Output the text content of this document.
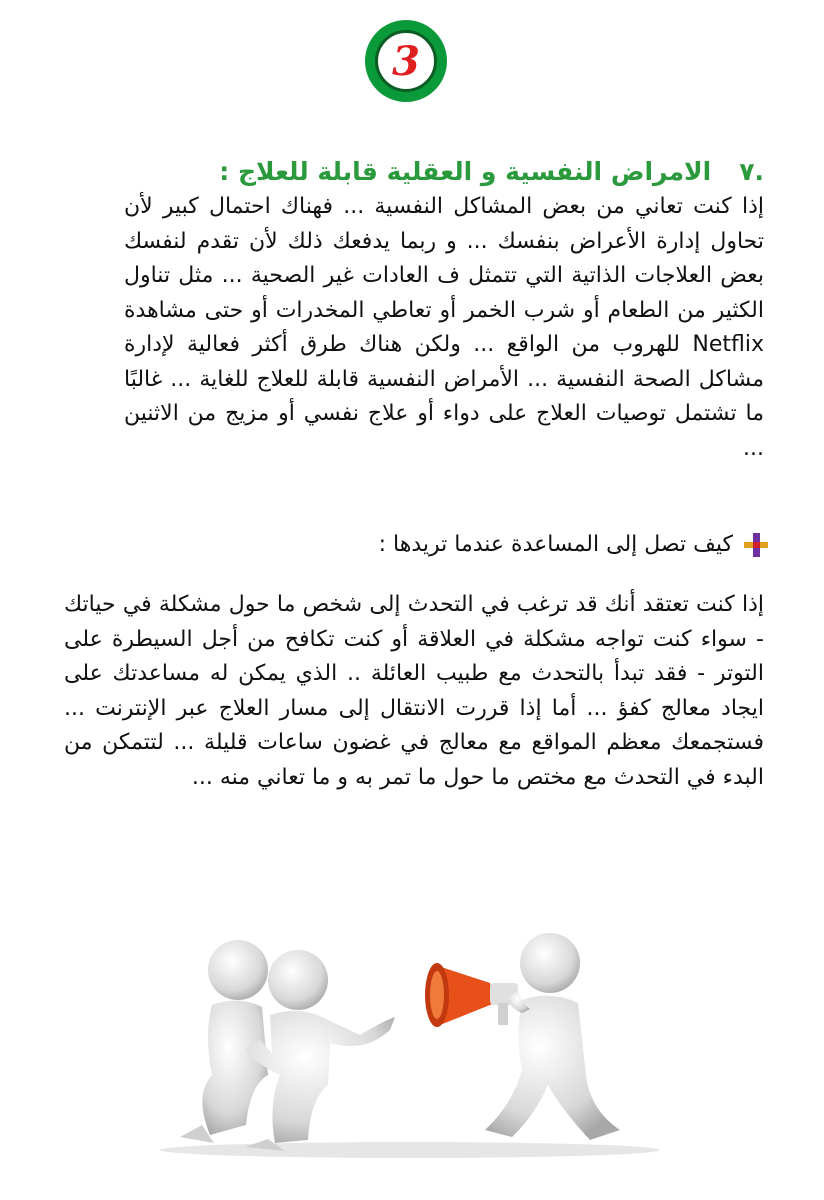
3
.٧الامراض النفسية و العقلية قابلة للعلاج :
إذا كنت تعاني من بعض المشاكل النفسية ... فهناك احتمال كبير لأن تحاول إدارة الأعراض بنفسك ... و ربما يدفعك ذلك لأن تقدم لنفسك بعض العلاجات الذاتية التي تتمثل ف العادات غير الصحية ... مثل تناول الكثير من الطعام أو شرب الخمر أو تعاطي المخدرات أو حتى مشاهدة Netflix للهروب من الواقع ... ولكن هناك طرق أكثر فعالية لإدارة مشاكل الصحة النفسية ... الأمراض النفسية قابلة للعلاج للغاية ... غالبًا ما تشتمل توصيات العلاج على دواء أو علاج نفسي أو مزيج من الاثنين ...
كيف تصل إلى المساعدة عندما تريدها :
إذا كنت تعتقد أنك قد ترغب في التحدث إلى شخص ما حول مشكلة في حياتك - سواء كنت تواجه مشكلة في العلاقة أو كنت تكافح من أجل السيطرة على التوتر - فقد تبدأ بالتحدث مع طبيب العائلة .. الذي يمكن له مساعدتك على ايجاد معالج كفؤ ... أما إذا قررت الانتقال إلى مسار العلاج عبر الإنترنت ... فستجمعك معظم المواقع مع معالج في غضون ساعات قليلة ... لتتمكن من البدء في التحدث مع مختص ما حول ما تمر به و ما تعاني منه ...
